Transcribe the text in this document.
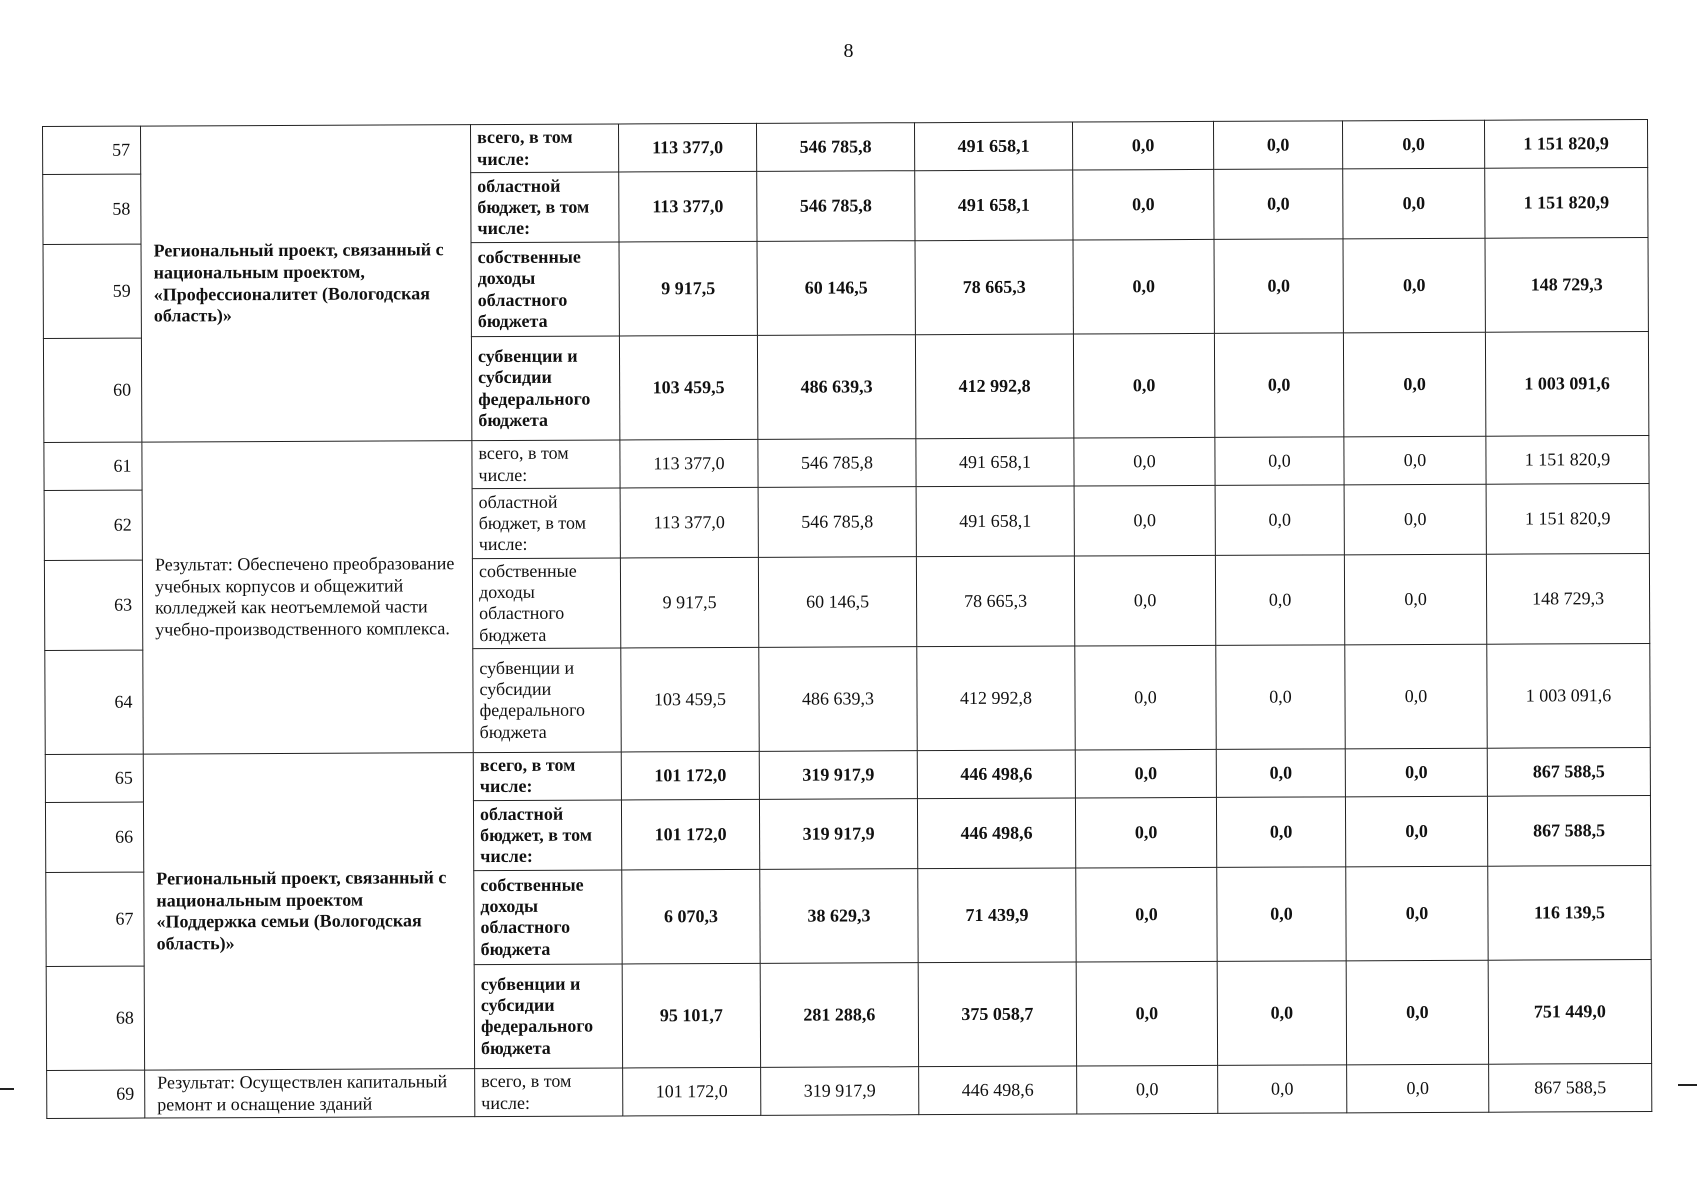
8
57	Региональный проект, связанный с национальным проектом, «Профессионалитет (Вологодская область)»	всего, в том числе:	113 377,0	546 785,8	491 658,1	0,0	0,0	0,0	1 151 820,9
58		областной бюджет, в том числе:	113 377,0	546 785,8	491 658,1	0,0	0,0	0,0	1 151 820,9
59		собственные доходы областного бюджета	9 917,5	60 146,5	78 665,3	0,0	0,0	0,0	148 729,3
60		субвенции и субсидии федерального бюджета	103 459,5	486 639,3	412 992,8	0,0	0,0	0,0	1 003 091,6
61	Результат: Обеспечено преобразование учебных корпусов и общежитий колледжей как неотъемлемой части учебно-производственного комплекса.	всего, в том числе:	113 377,0	546 785,8	491 658,1	0,0	0,0	0,0	1 151 820,9
62		областной бюджет, в том числе:	113 377,0	546 785,8	491 658,1	0,0	0,0	0,0	1 151 820,9
63		собственные доходы областного бюджета	9 917,5	60 146,5	78 665,3	0,0	0,0	0,0	148 729,3
64		субвенции и субсидии федерального бюджета	103 459,5	486 639,3	412 992,8	0,0	0,0	0,0	1 003 091,6
65	Региональный проект, связанный с национальным проектом «Поддержка семьи (Вологодская область)»	всего, в том числе:	101 172,0	319 917,9	446 498,6	0,0	0,0	0,0	867 588,5
66		областной бюджет, в том числе:	101 172,0	319 917,9	446 498,6	0,0	0,0	0,0	867 588,5
67		собственные доходы областного бюджета	6 070,3	38 629,3	71 439,9	0,0	0,0	0,0	116 139,5
68		субвенции и субсидии федерального бюджета	95 101,7	281 288,6	375 058,7	0,0	0,0	0,0	751 449,0
69	Результат: Осуществлен капитальный ремонт и оснащение зданий	всего, в том числе:	101 172,0	319 917,9	446 498,6	0,0	0,0	0,0	867 588,5
